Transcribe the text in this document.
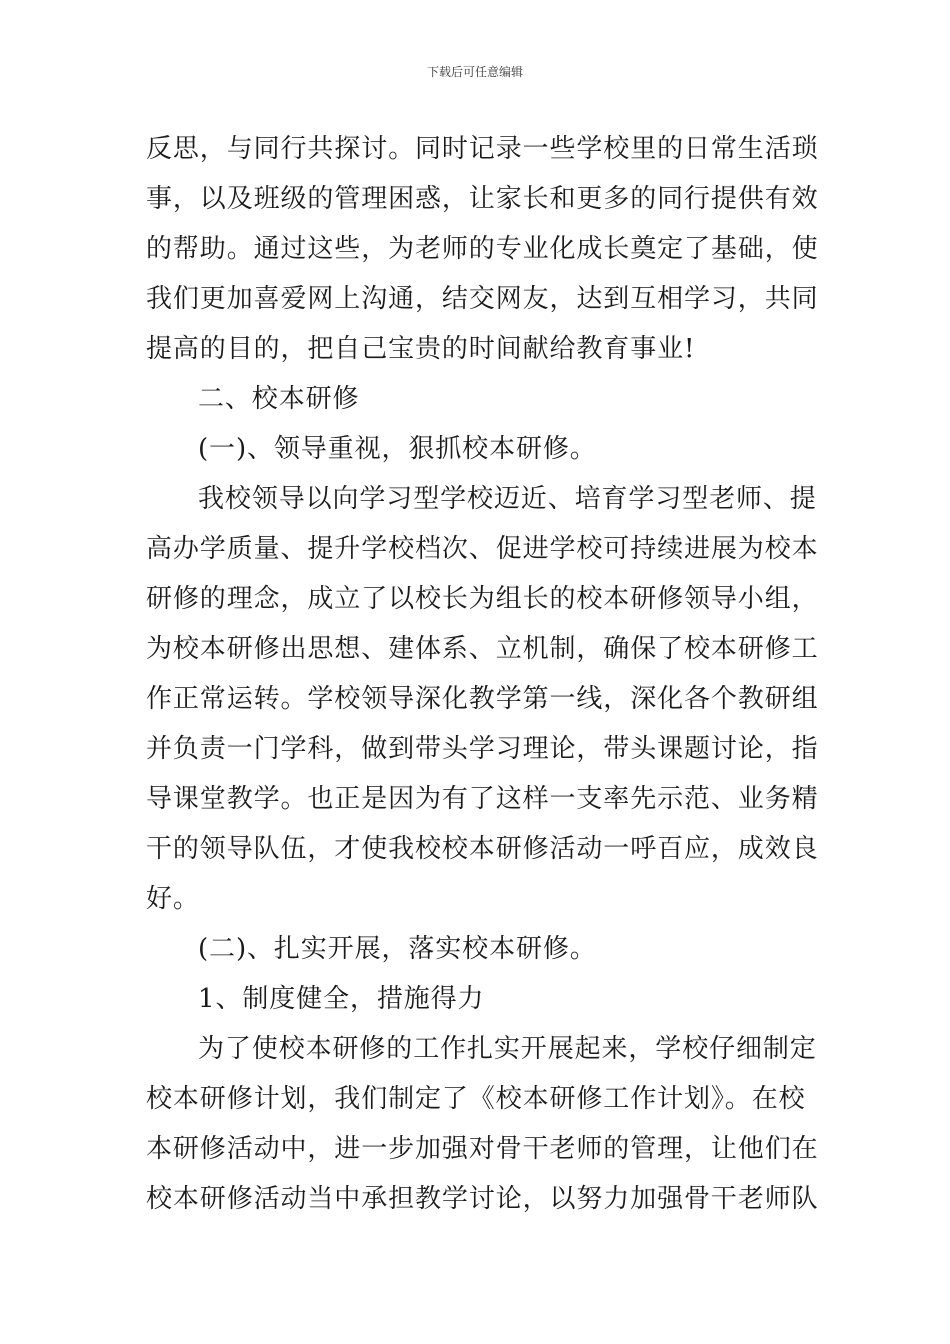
下载后可任意编辑
反思，与同行共探讨。同时记录一些学校里的日常生活琐
事，以及班级的管理困惑，让家长和更多的同行提供有效
的帮助。通过这些，为老师的专业化成长奠定了基础，使
我们更加喜爱网上沟通，结交网友，达到互相学习，共同
提高的目的，把自己宝贵的时间献给教育事业!
二、校本研修
(一)、领导重视，狠抓校本研修。
我校领导以向学习型学校迈近、培育学习型老师、提
高办学质量、提升学校档次、促进学校可持续进展为校本
研修的理念，成立了以校长为组长的校本研修领导小组，
为校本研修出思想、建体系、立机制，确保了校本研修工
作正常运转。学校领导深化教学第一线，深化各个教研组
并负责一门学科，做到带头学习理论，带头课题讨论，指
导课堂教学。也正是因为有了这样一支率先示范、业务精
干的领导队伍，才使我校校本研修活动一呼百应，成效良
好。
(二)、扎实开展，落实校本研修。
1、制度健全，措施得力
为了使校本研修的工作扎实开展起来，学校仔细制定
校本研修计划，我们制定了《校本研修工作计划》。在校
本研修活动中，进一步加强对骨干老师的管理，让他们在
校本研修活动当中承担教学讨论，以努力加强骨干老师队
